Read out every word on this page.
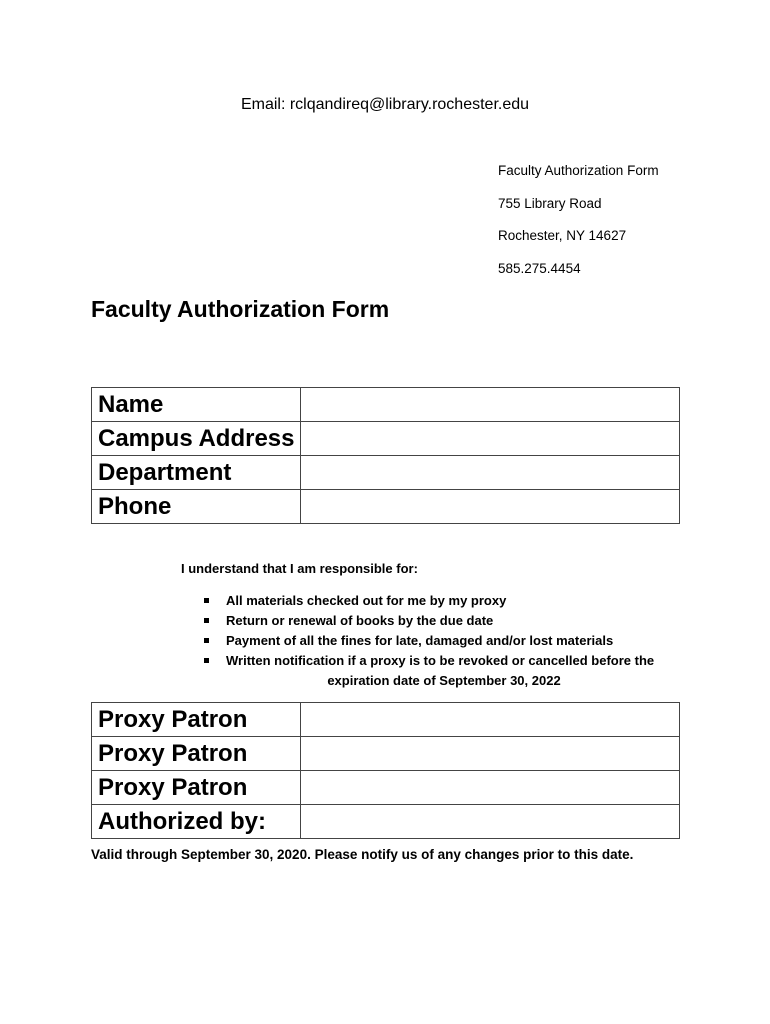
Email: rclqandireq@library.rochester.edu
Faculty Authorization Form
755 Library Road
Rochester, NY 14627
585.275.4454
Faculty Authorization Form
Name	
Campus Address	
Department	
Phone	
I understand that I am responsible for:
All materials checked out for me by my proxy
Return or renewal of books by the due date
Payment of all the fines for late, damaged and/or lost materials
Written notification if a proxy is to be revoked or cancelled before the
expiration date of September 30, 2022
Proxy Patron	
Proxy Patron	
Proxy Patron	
Authorized by:	
Valid through September 30, 2020. Please notify us of any changes prior to this date.
